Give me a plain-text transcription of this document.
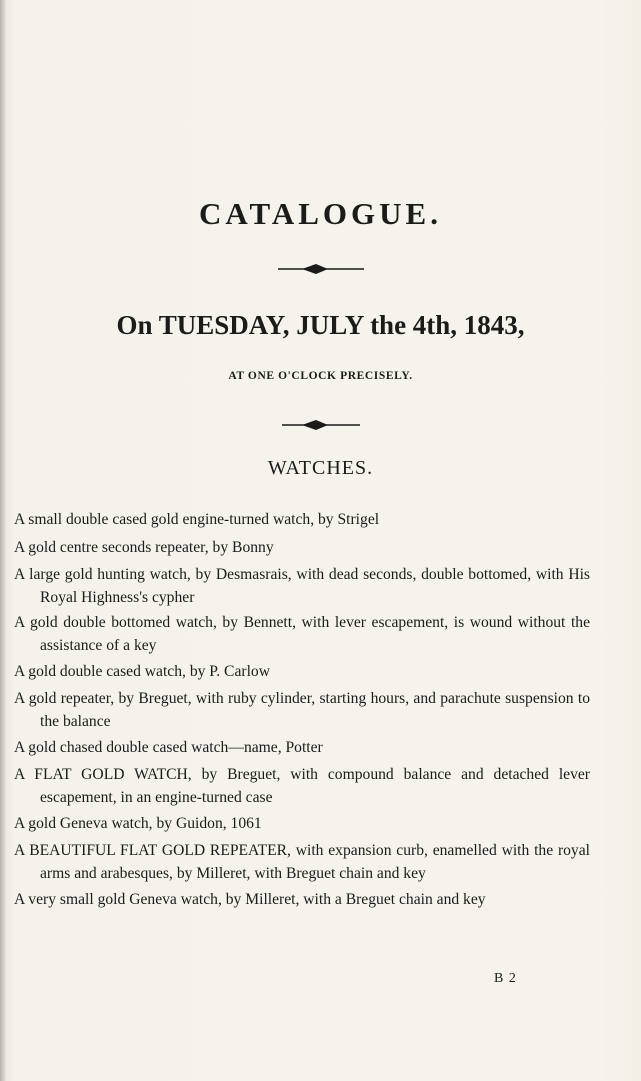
CATALOGUE.
On TUESDAY, JULY the 4th, 1843,
AT ONE O'CLOCK PRECISELY.
WATCHES.
A small double cased gold engine-turned watch, by Strigel
A gold centre seconds repeater, by Bonny
A large gold hunting watch, by Desmasrais, with dead seconds, double bottomed, with His Royal Highness's cypher
A gold double bottomed watch, by Bennett, with lever escapement, is wound without the assistance of a key
A gold double cased watch, by P. Carlow
A gold repeater, by Breguet, with ruby cylinder, starting hours, and parachute suspension to the balance
A gold chased double cased watch—name, Potter
A FLAT GOLD WATCH, by Breguet, with compound balance and detached lever escapement, in an engine-turned case
A gold Geneva watch, by Guidon, 1061
A BEAUTIFUL FLAT GOLD REPEATER, with expansion curb, enamelled with the royal arms and arabesques, by Milleret, with Breguet chain and key
A very small gold Geneva watch, by Milleret, with a Breguet chain and key
B 2
